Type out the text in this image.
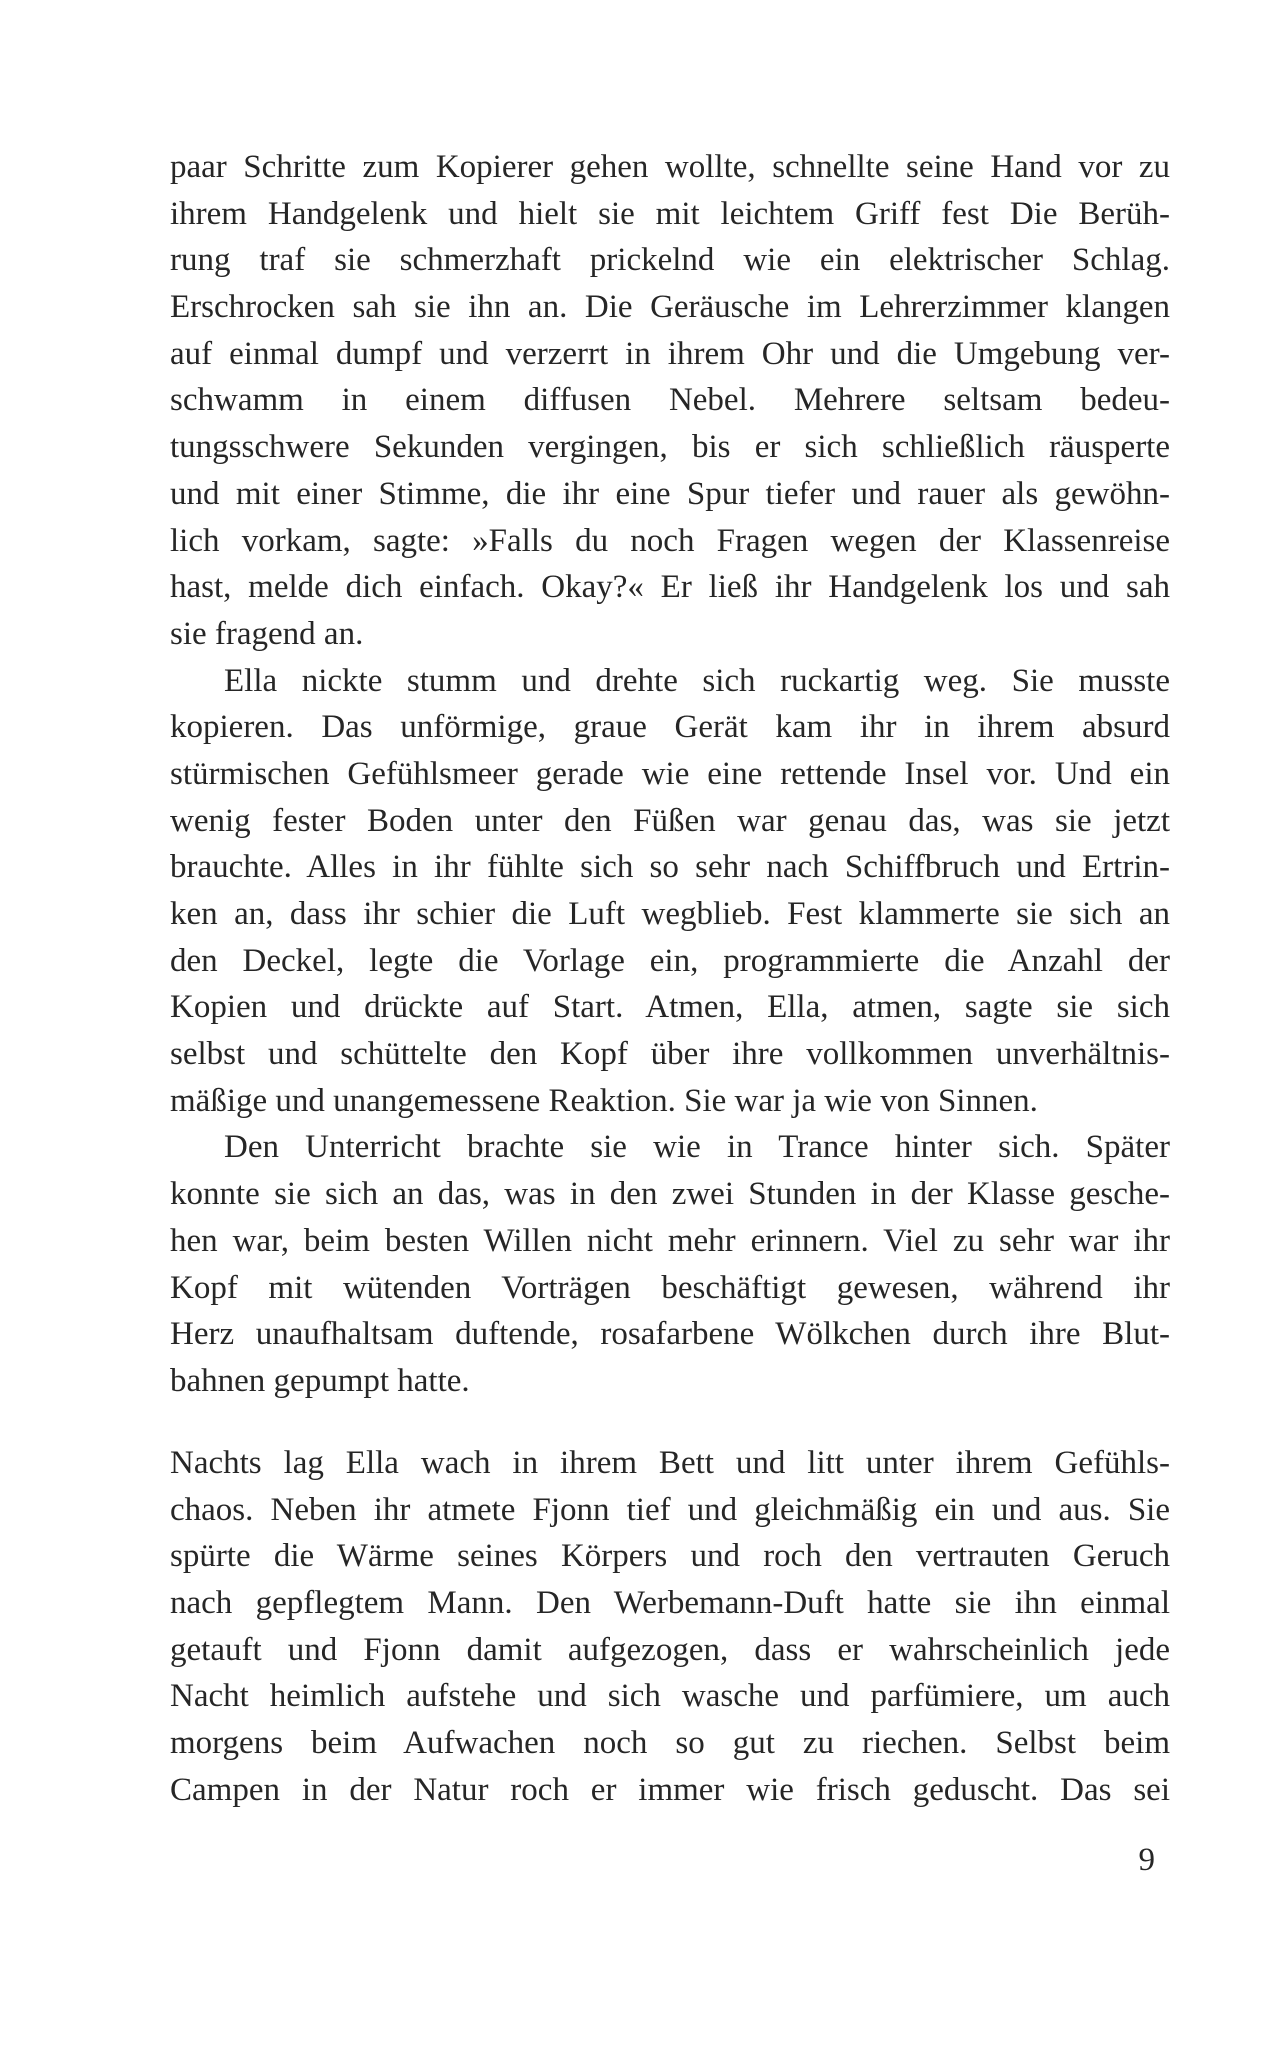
paar Schritte zum Kopierer gehen wollte, schnellte seine Hand vor zu
ihrem Handgelenk und hielt sie mit leichtem Griff fest Die Berüh-
rung traf sie schmerzhaft prickelnd wie ein elektrischer Schlag.
Erschrocken sah sie ihn an. Die Geräusche im Lehrerzimmer klangen
auf einmal dumpf und verzerrt in ihrem Ohr und die Umgebung ver-
schwamm in einem diffusen Nebel. Mehrere seltsam bedeu-
tungsschwere Sekunden vergingen, bis er sich schließlich räusperte
und mit einer Stimme, die ihr eine Spur tiefer und rauer als gewöhn-
lich vorkam, sagte: »Falls du noch Fragen wegen der Klassenreise
hast, melde dich einfach. Okay?« Er ließ ihr Handgelenk los und sah
sie fragend an.
Ella nickte stumm und drehte sich ruckartig weg. Sie musste
kopieren. Das unförmige, graue Gerät kam ihr in ihrem absurd
stürmischen Gefühlsmeer gerade wie eine rettende Insel vor. Und ein
wenig fester Boden unter den Füßen war genau das, was sie jetzt
brauchte. Alles in ihr fühlte sich so sehr nach Schiffbruch und Ertrin-
ken an, dass ihr schier die Luft wegblieb. Fest klammerte sie sich an
den Deckel, legte die Vorlage ein, programmierte die Anzahl der
Kopien und drückte auf Start. Atmen, Ella, atmen, sagte sie sich
selbst und schüttelte den Kopf über ihre vollkommen unverhältnis-
mäßige und unangemessene Reaktion. Sie war ja wie von Sinnen.
Den Unterricht brachte sie wie in Trance hinter sich. Später
konnte sie sich an das, was in den zwei Stunden in der Klasse gesche-
hen war, beim besten Willen nicht mehr erinnern. Viel zu sehr war ihr
Kopf mit wütenden Vorträgen beschäftigt gewesen, während ihr
Herz unaufhaltsam duftende, rosafarbene Wölkchen durch ihre Blut-
bahnen gepumpt hatte.
Nachts lag Ella wach in ihrem Bett und litt unter ihrem Gefühls-
chaos. Neben ihr atmete Fjonn tief und gleichmäßig ein und aus. Sie
spürte die Wärme seines Körpers und roch den vertrauten Geruch
nach gepflegtem Mann. Den Werbemann-Duft hatte sie ihn einmal
getauft und Fjonn damit aufgezogen, dass er wahrscheinlich jede
Nacht heimlich aufstehe und sich wasche und parfümiere, um auch
morgens beim Aufwachen noch so gut zu riechen. Selbst beim
Campen in der Natur roch er immer wie frisch geduscht. Das sei
9
